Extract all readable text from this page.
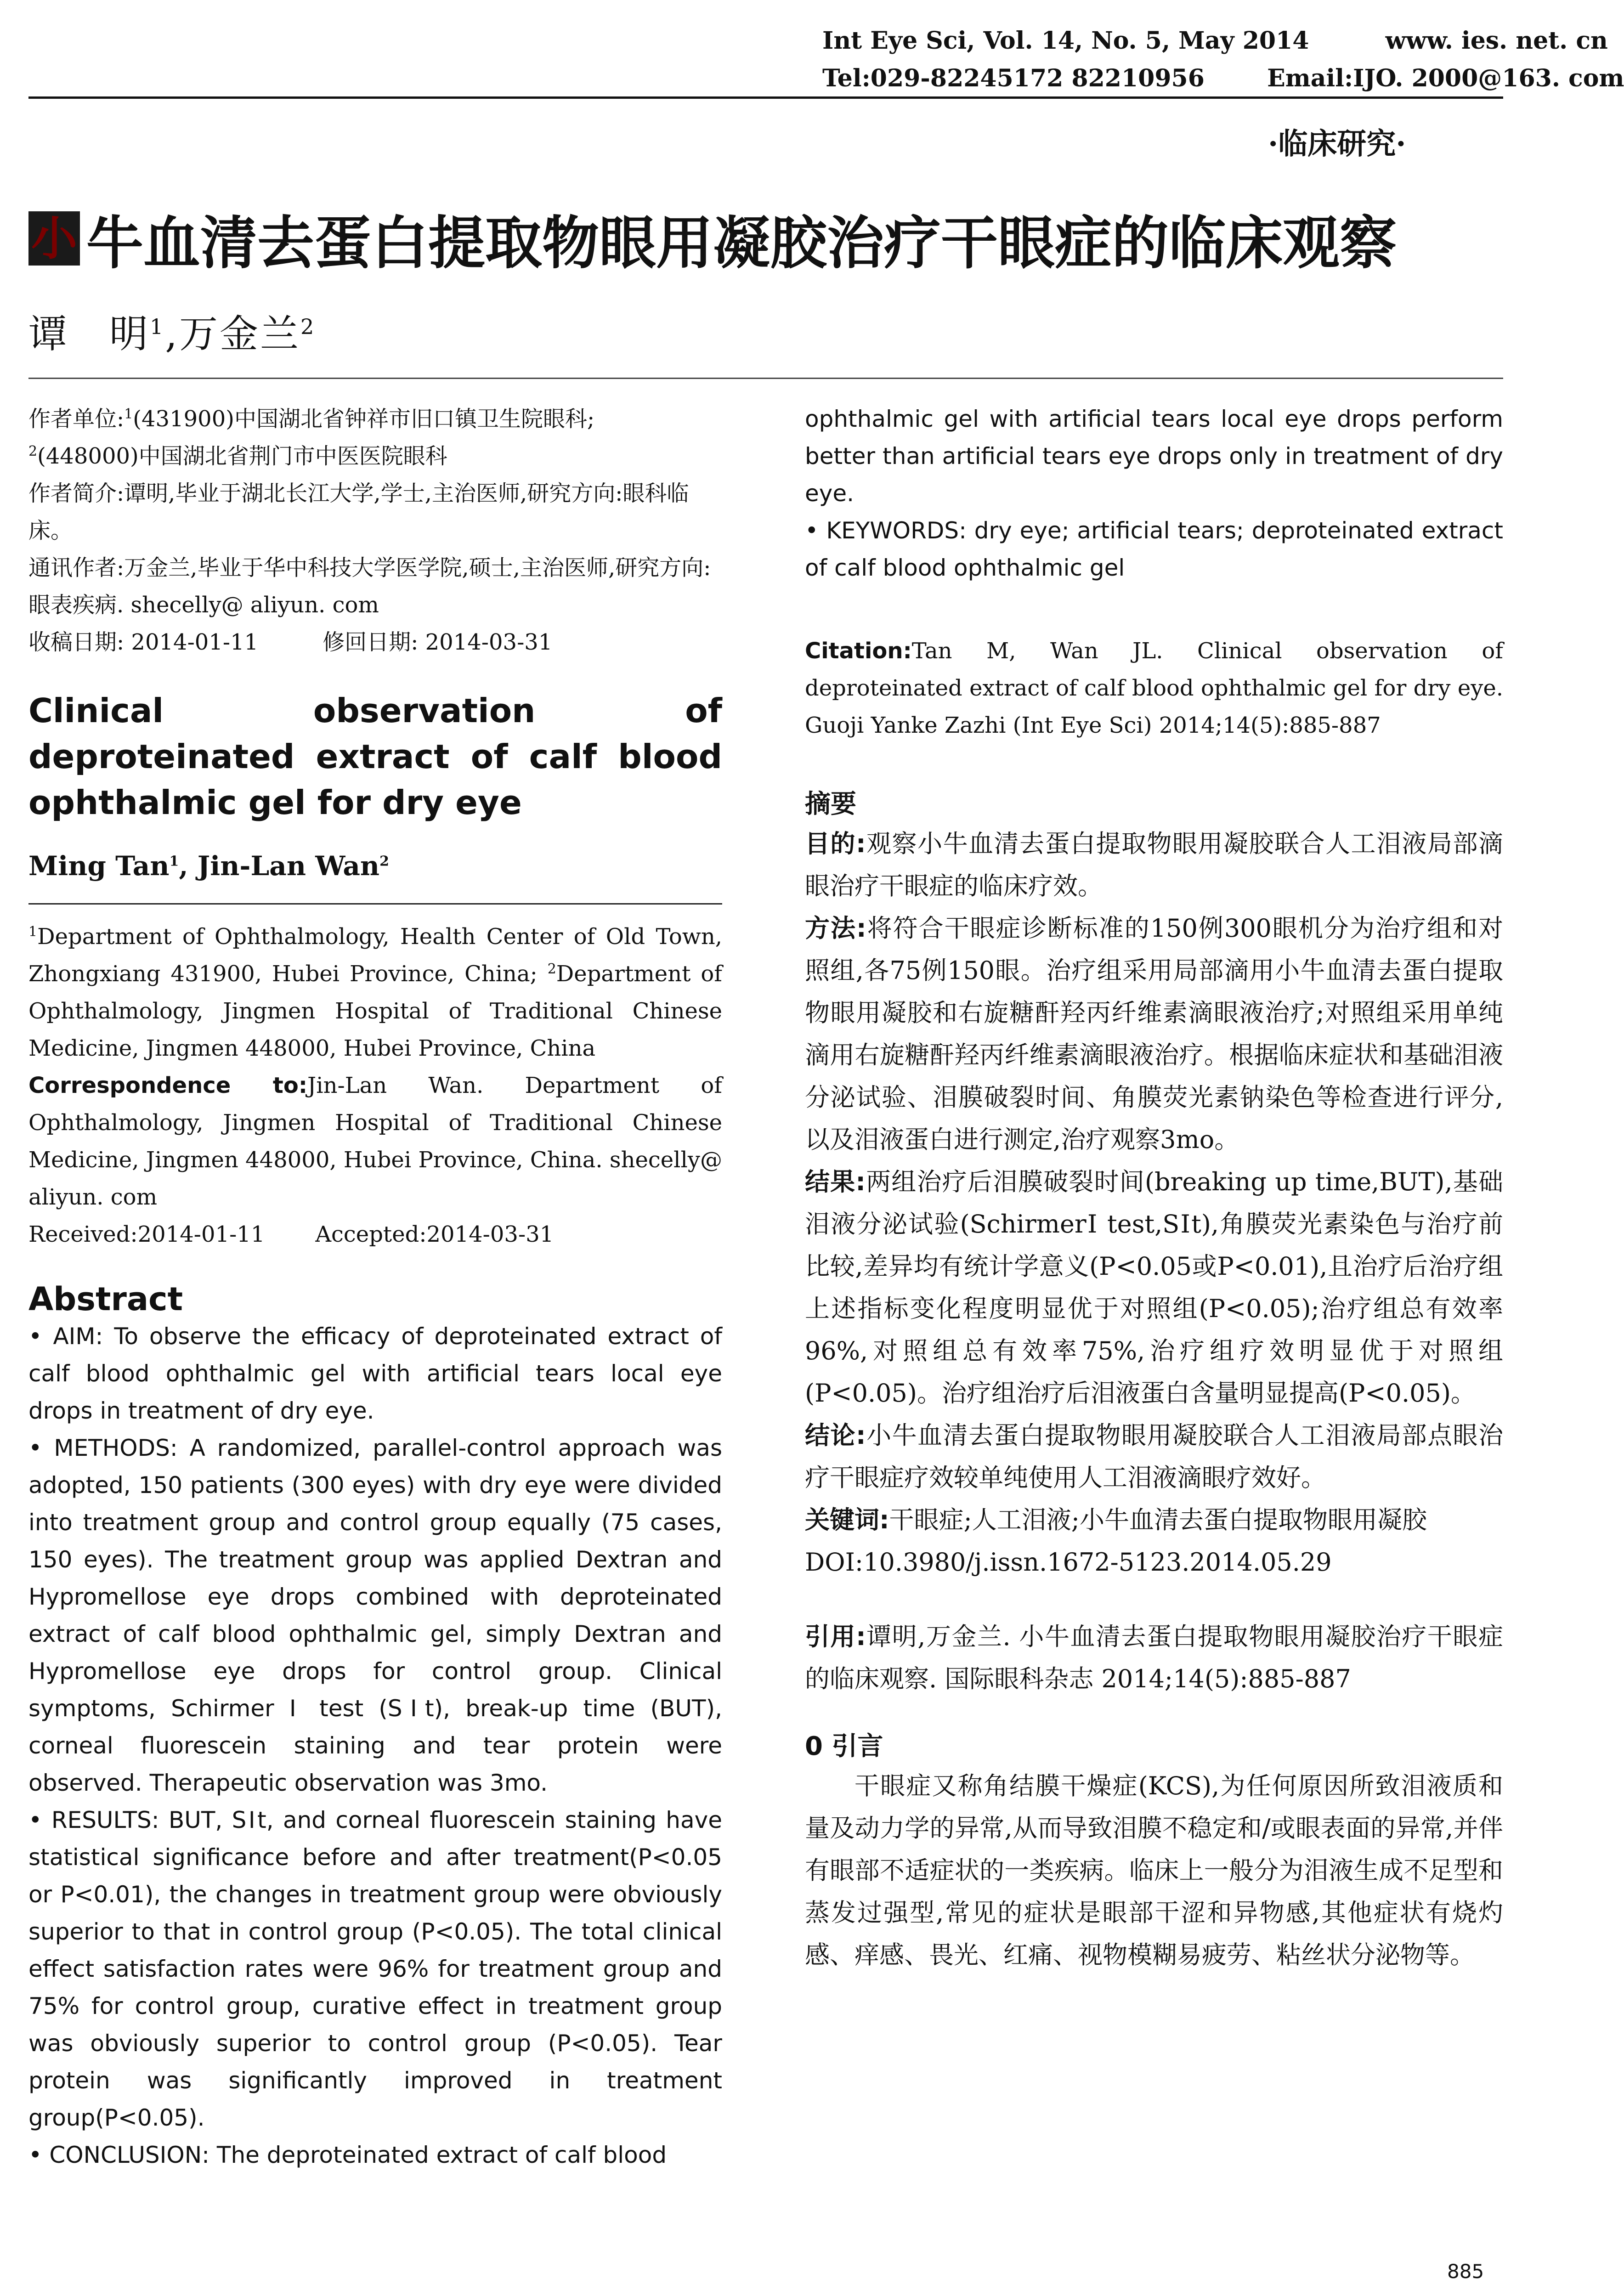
Int Eye Sci, Vol. 14, No. 5, May 2014	www. ies. net. cn
Tel:029-82245172 82210956	Email:IJO. 2000@163. com
·临床研究·
小 牛血清去蛋白提取物眼用凝胶治疗干眼症的临床观察
谭　明$^1$,万金兰$^2$

作者单位:$^1$(431900)中国湖北省钟祥市旧口镇卫生院眼科;
$^2$(448000)中国湖北省荆门市中医医院眼科

作者简介:谭明,毕业于湖北长江大学,学士,主治医师,研究方向:眼科临床。

通讯作者:万金兰,毕业于华中科技大学医学院,硕士,主治医师,研究方向:眼表疾病. shecelly@ aliyun. com

收稿日期: 2014-01-11	修回日期: 2014-03-31

Clinical observation of deproteinated extract of calf blood ophthalmic gel for dry eye

Ming Tan$^1$, Jin-Lan Wan$^2$

$^1$Department of Ophthalmology, Health Center of Old Town, Zhongxiang 431900, Hubei Province, China; $^2$Department of Ophthalmology, Jingmen Hospital of Traditional Chinese Medicine, Jingmen 448000, Hubei Province, China

Correspondence to:Jin-Lan Wan. Department of Ophthalmology, Jingmen Hospital of Traditional Chinese Medicine, Jingmen 448000, Hubei Province, China. shecelly@ aliyun. com

Received:2014-01-11 Accepted:2014-03-31

Abstract

• AIM: To observe the efficacy of deproteinated extract of calf blood ophthalmic gel with artificial tears local eye drops in treatment of dry eye.

• METHODS: A randomized, parallel-control approach was adopted, 150 patients (300 eyes) with dry eye were divided into treatment group and control group equally (75 cases, 150 eyes). The treatment group was applied Dextran and Hypromellose eye drops combined with deproteinated extract of calf blood ophthalmic gel, simply Dextran and Hypromellose eye drops for control group. Clinical symptoms, Schirmer Ⅰ test (SⅠt), break-up time (BUT), corneal fluorescein staining and tear protein were observed. Therapeutic observation was 3mo.

• RESULTS: BUT, SⅠt, and corneal fluorescein staining have statistical significance before and after treatment(P<0.05 or P<0.01), the changes in treatment group were obviously superior to that in control group (P<0.05). The total clinical effect satisfaction rates were 96% for treatment group and 75% for control group, curative effect in treatment group was obviously superior to control group (P<0.05). Tear protein was significantly improved in treatment group(P<0.05).

• CONCLUSION: The deproteinated extract of calf blood

ophthalmic gel with artificial tears local eye drops perform better than artificial tears eye drops only in treatment of dry eye.

• KEYWORDS: dry eye; artificial tears; deproteinated extract of calf blood ophthalmic gel

Citation:Tan M, Wan JL. Clinical observation of deproteinated extract of calf blood ophthalmic gel for dry eye. Guoji Yanke Zazhi (Int Eye Sci) 2014;14(5):885-887

摘要

目的:观察小牛血清去蛋白提取物眼用凝胶联合人工泪液局部滴眼治疗干眼症的临床疗效。

方法:将符合干眼症诊断标准的150例300眼机分为治疗组和对照组,各75例150眼。治疗组采用局部滴用小牛血清去蛋白提取物眼用凝胶和右旋糖酐羟丙纤维素滴眼液治疗;对照组采用单纯滴用右旋糖酐羟丙纤维素滴眼液治疗。根据临床症状和基础泪液分泌试验、泪膜破裂时间、角膜荧光素钠染色等检查进行评分,以及泪液蛋白进行测定,治疗观察3mo。

结果:两组治疗后泪膜破裂时间(breaking up time,BUT),基础泪液分泌试验(SchirmerⅠ test,SⅠt),角膜荧光素染色与治疗前比较,差异均有统计学意义(P<0.05或P<0.01),且治疗后治疗组上述指标变化程度明显优于对照组(P<0.05);治疗组总有效率96%,对照组总有效率75%,治疗组疗效明显优于对照组(P<0.05)。治疗组治疗后泪液蛋白含量明显提高(P<0.05)。

结论:小牛血清去蛋白提取物眼用凝胶联合人工泪液局部点眼治疗干眼症疗效较单纯使用人工泪液滴眼疗效好。

关键词:干眼症;人工泪液;小牛血清去蛋白提取物眼用凝胶

DOI:10.3980/j.issn.1672-5123.2014.05.29

引用:谭明,万金兰. 小牛血清去蛋白提取物眼用凝胶治疗干眼症的临床观察. 国际眼科杂志 2014;14(5):885-887

0 引言

干眼症又称角结膜干燥症(KCS),为任何原因所致泪液质和量及动力学的异常,从而导致泪膜不稳定和/或眼表面的异常,并伴有眼部不适症状的一类疾病。临床上一般分为泪液生成不足型和蒸发过强型,常见的症状是眼部干涩和异物感,其他症状有烧灼感、痒感、畏光、红痛、视物模糊易疲劳、粘丝状分泌物等。

885
